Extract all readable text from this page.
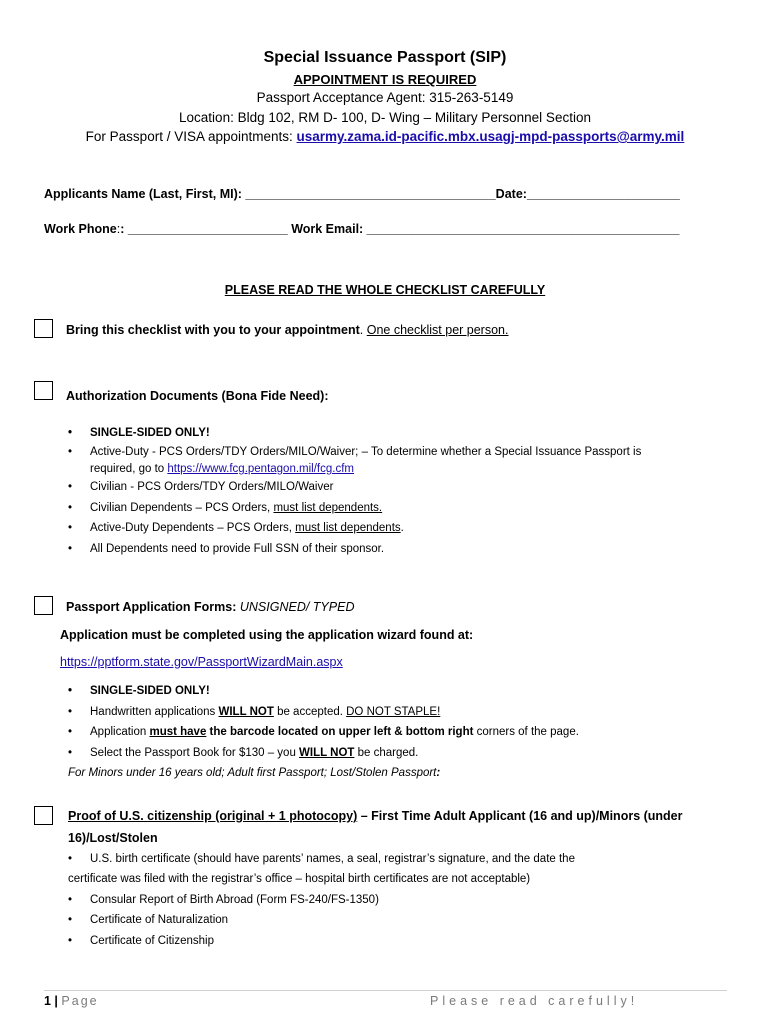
Special Issuance Passport (SIP)
APPOINTMENT IS REQUIRED
Passport Acceptance Agent: 315-263-5149
Location: Bldg 102, RM D- 100, D- Wing – Military Personnel Section
For Passport / VISA appointments: usarmy.zama.id-pacific.mbx.usagj-mpd-passports@army.mil
Applicants Name (Last, First, MI): ____________________________________Date:______________________
Work Phone:: _______________________ Work Email: _____________________________________________
PLEASE READ THE WHOLE CHECKLIST CAREFULLY
Bring this checklist with you to your appointment. One checklist per person.
Authorization Documents (Bona Fide Need):
• SINGLE-SIDED ONLY!
• Active-Duty - PCS Orders/TDY Orders/MILO/Waiver; – To determine whether a Special Issuance Passport is
required, go to https://www.fcg.pentagon.mil/fcg.cfm
• Civilian - PCS Orders/TDY Orders/MILO/Waiver
• Civilian Dependents – PCS Orders, must list dependents.
• Active-Duty Dependents – PCS Orders, must list dependents.
• All Dependents need to provide Full SSN of their sponsor.
Passport Application Forms: UNSIGNED/ TYPED
Application must be completed using the application wizard found at:
https://pptform.state.gov/PassportWizardMain.aspx
• SINGLE-SIDED ONLY!
• Handwritten applications WILL NOT be accepted. DO NOT STAPLE!
• Application must have the barcode located on upper left & bottom right corners of the page.
• Select the Passport Book for $130 – you WILL NOT be charged.
For Minors under 16 years old; Adult first Passport; Lost/Stolen Passport:
Proof of U.S. citizenship (original + 1 photocopy) – First Time Adult Applicant (16 and up)/Minors (under
16)/Lost/Stolen
• U.S. birth certificate (should have parents’ names, a seal, registrar’s signature, and the date the
certificate was filed with the registrar’s office – hospital birth certificates are not acceptable)
• Consular Report of Birth Abroad (Form FS-240/FS-1350)
• Certificate of Naturalization
• Certificate of Citizenship
1 | Page	Please read carefully!
